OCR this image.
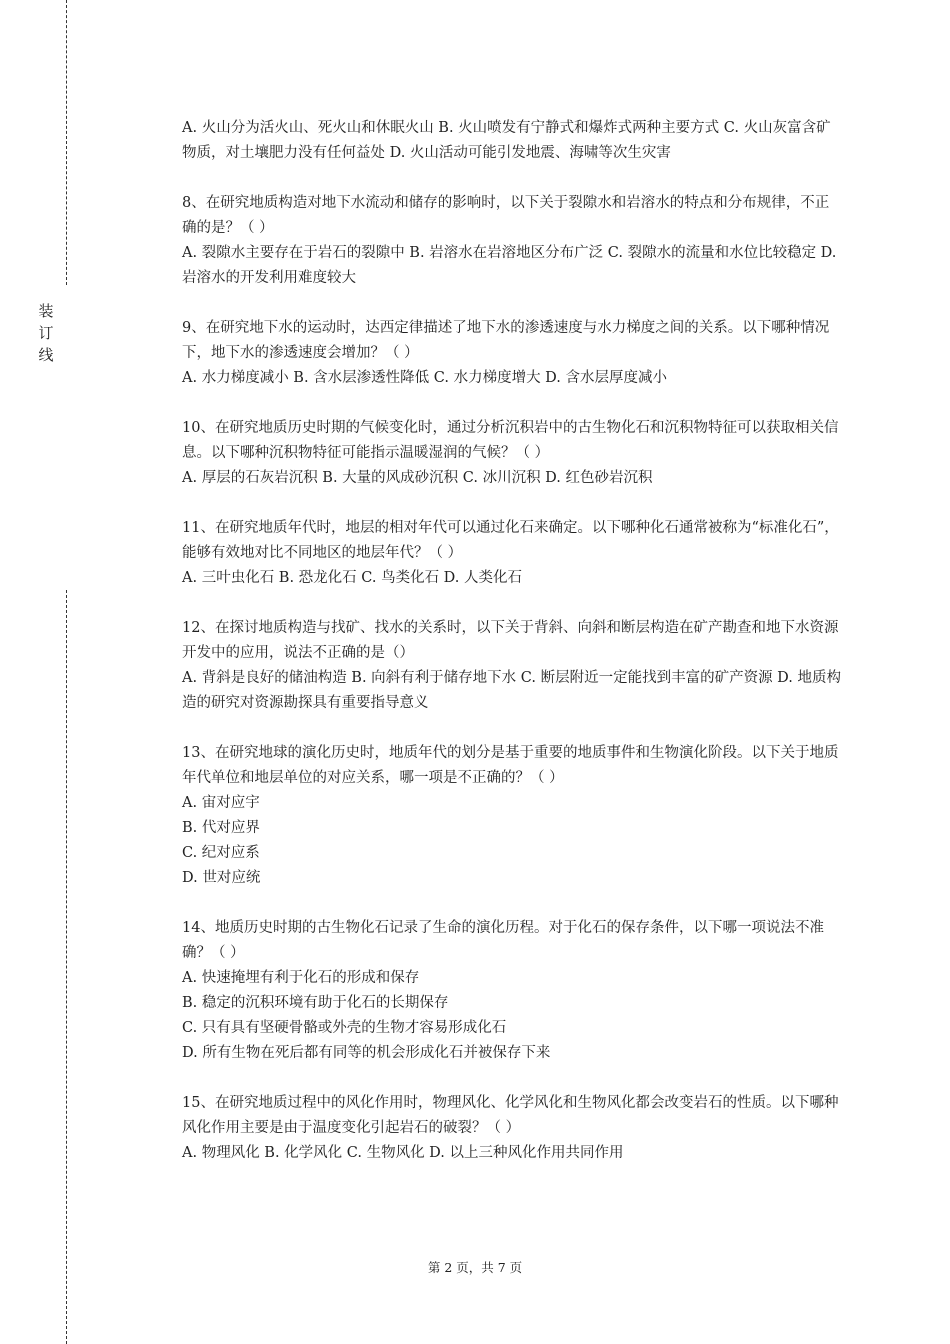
装
订
线

A. 火山分为活火山、死火山和休眠火山 B. 火山喷发有宁静式和爆炸式两种主要方式 C. 火山灰富含矿物质，对土壤肥力没有任何益处 D. 火山活动可能引发地震、海啸等次生灾害

8、在研究地质构造对地下水流动和储存的影响时，以下关于裂隙水和岩溶水的特点和分布规律，不正确的是？（ ）

A. 裂隙水主要存在于岩石的裂隙中 B. 岩溶水在岩溶地区分布广泛 C. 裂隙水的流量和水位比较稳定 D. 岩溶水的开发利用难度较大

9、在研究地下水的运动时，达西定律描述了地下水的渗透速度与水力梯度之间的关系。以下哪种情况下，地下水的渗透速度会增加？（ ）

A. 水力梯度减小 B. 含水层渗透性降低 C. 水力梯度增大 D. 含水层厚度减小

10、在研究地质历史时期的气候变化时，通过分析沉积岩中的古生物化石和沉积物特征可以获取相关信息。以下哪种沉积物特征可能指示温暖湿润的气候？（ ）

A. 厚层的石灰岩沉积 B. 大量的风成砂沉积 C. 冰川沉积 D. 红色砂岩沉积

11、在研究地质年代时，地层的相对年代可以通过化石来确定。以下哪种化石通常被称为“标准化石”，能够有效地对比不同地区的地层年代？（ ）

A. 三叶虫化石 B. 恐龙化石 C. 鸟类化石 D. 人类化石

12、在探讨地质构造与找矿、找水的关系时，以下关于背斜、向斜和断层构造在矿产勘查和地下水资源开发中的应用，说法不正确的是（）

A. 背斜是良好的储油构造 B. 向斜有利于储存地下水 C. 断层附近一定能找到丰富的矿产资源 D. 地质构造的研究对资源勘探具有重要指导意义

13、在研究地球的演化历史时，地质年代的划分是基于重要的地质事件和生物演化阶段。以下关于地质年代单位和地层单位的对应关系，哪一项是不正确的？（ ）

A. 宙对应宇

B. 代对应界

C. 纪对应系

D. 世对应统

14、地质历史时期的古生物化石记录了生命的演化历程。对于化石的保存条件，以下哪一项说法不准确？（ ）

A. 快速掩埋有利于化石的形成和保存

B. 稳定的沉积环境有助于化石的长期保存

C. 只有具有坚硬骨骼或外壳的生物才容易形成化石

D. 所有生物在死后都有同等的机会形成化石并被保存下来

15、在研究地质过程中的风化作用时，物理风化、化学风化和生物风化都会改变岩石的性质。以下哪种风化作用主要是由于温度变化引起岩石的破裂？（ ）

A. 物理风化 B. 化学风化 C. 生物风化 D. 以上三种风化作用共同作用

第 2 页，共 7 页
